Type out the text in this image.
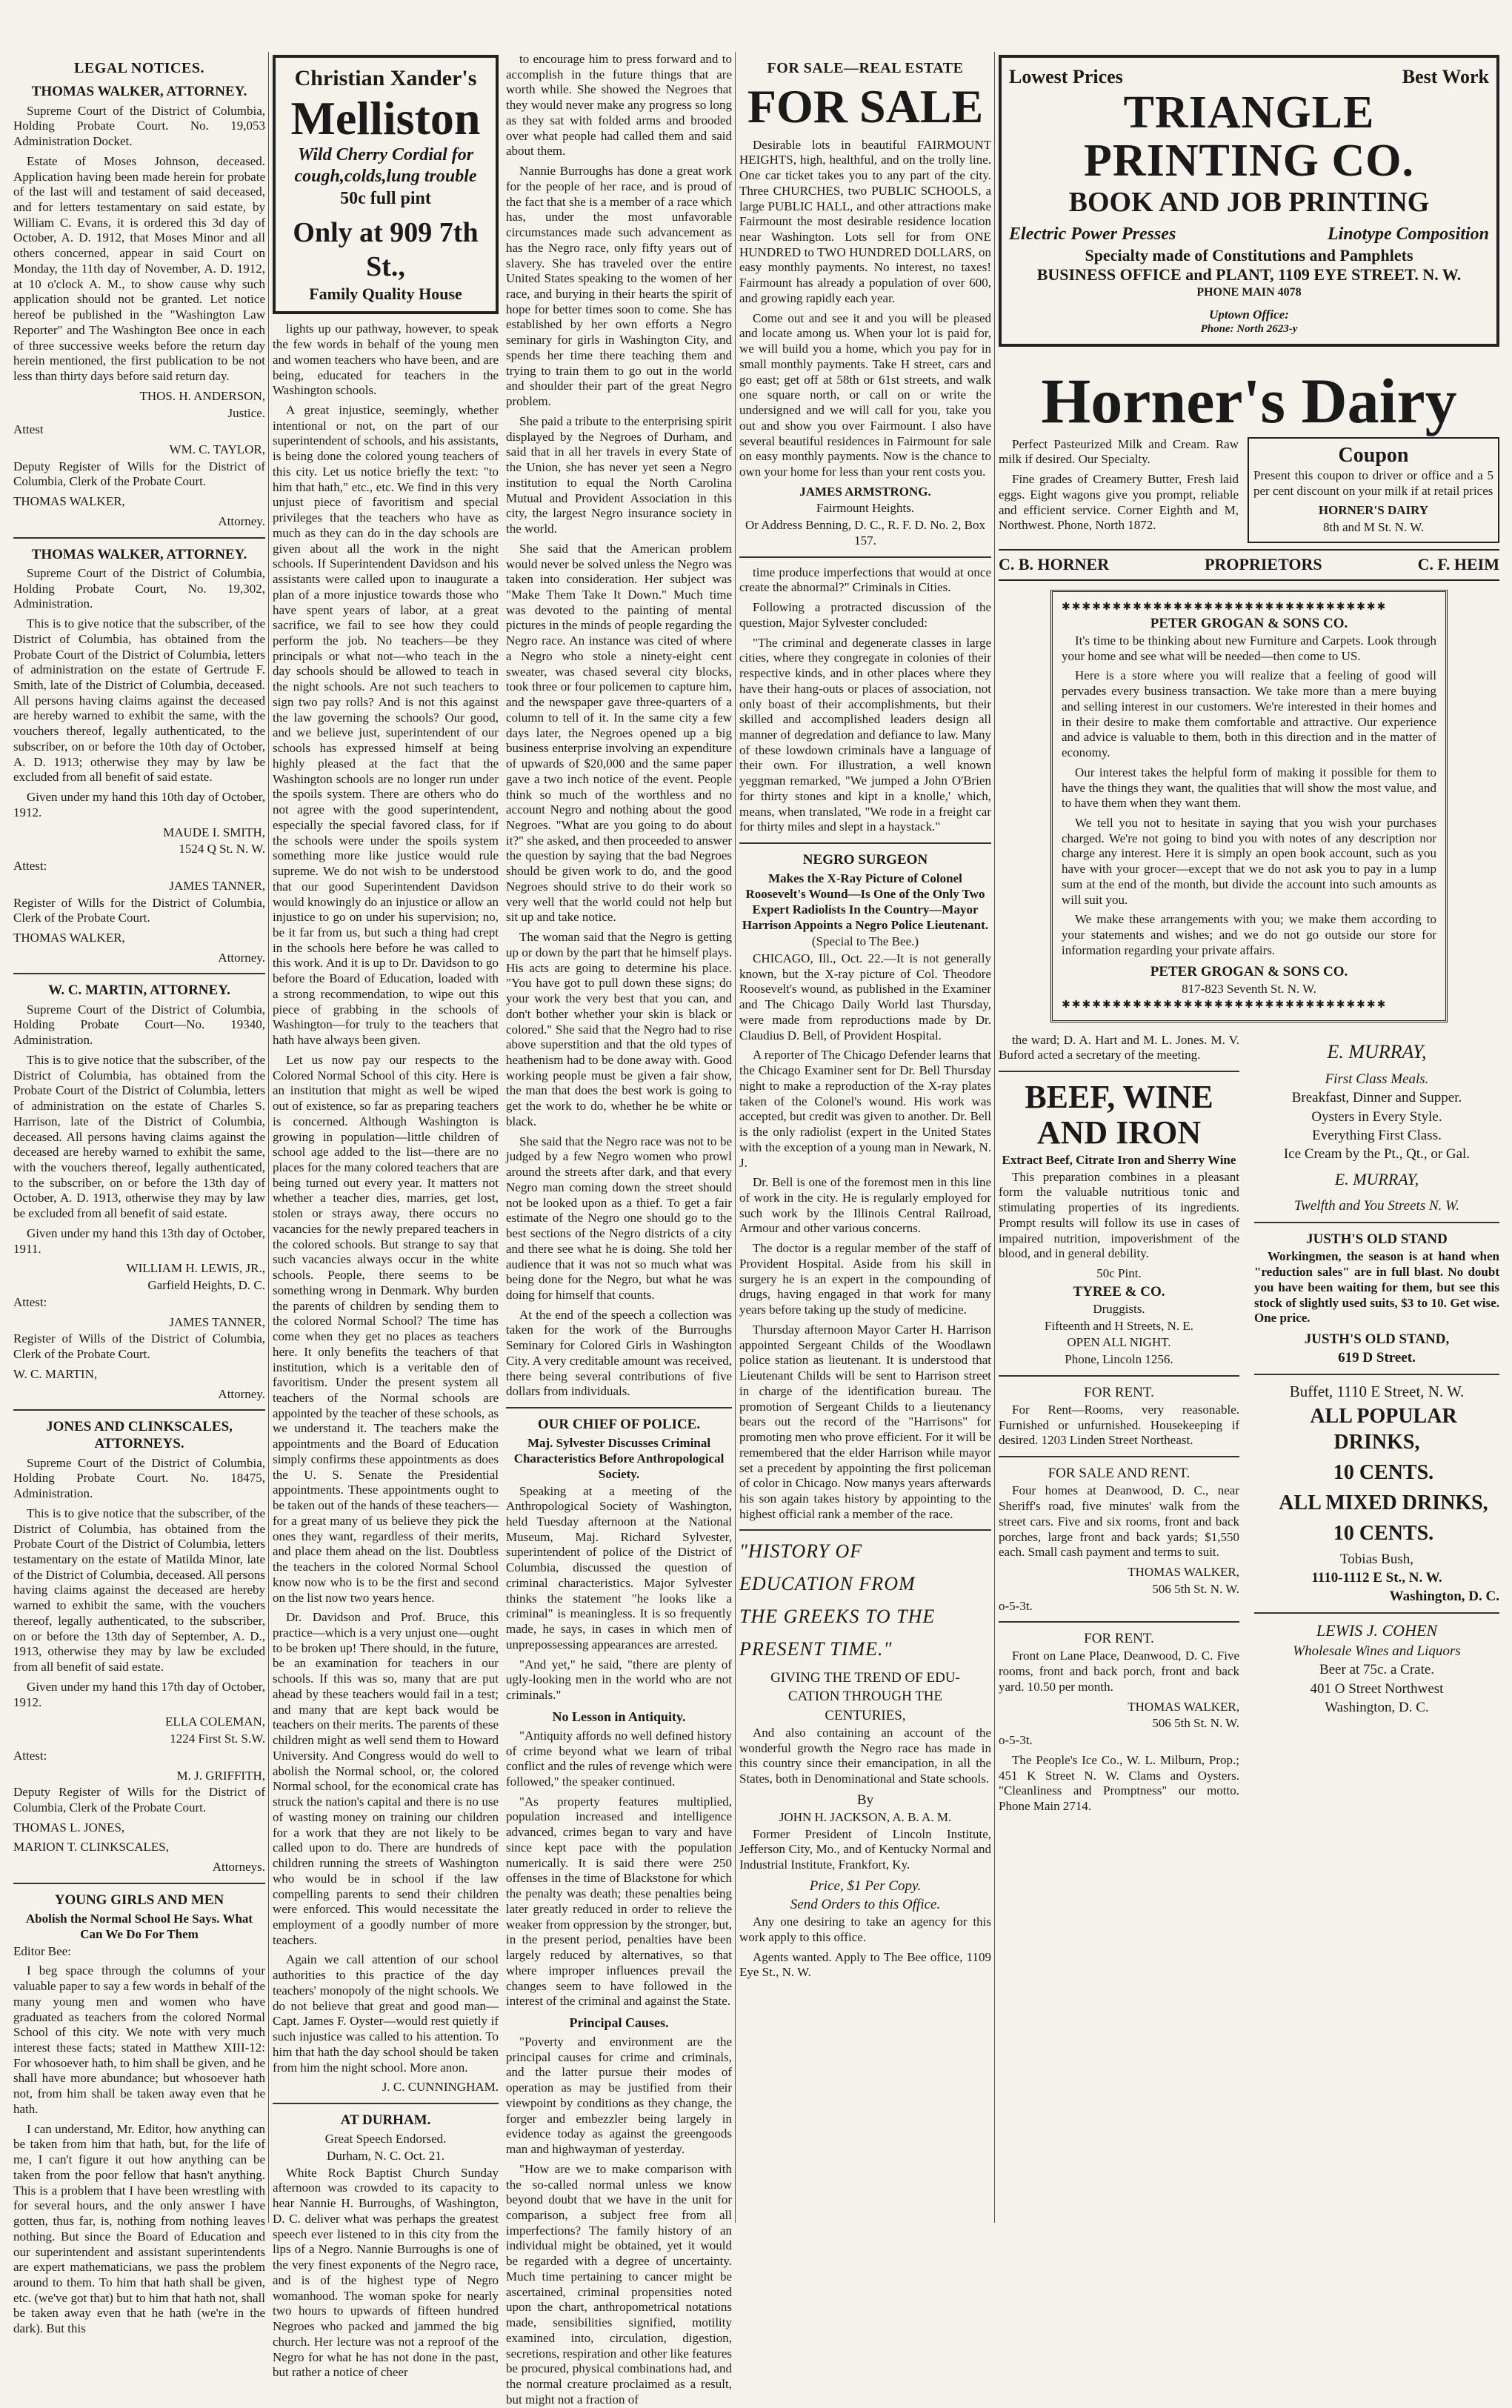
LEGAL NOTICES.
THOMAS WALKER, ATTORNEY.

Supreme Court of the District of Columbia, Holding Probate Court. No. 19,053 Administration Docket.

Estate of Moses Johnson, deceased. Application having been made herein for probate of the last will and testament of said deceased, and for letters testamentary on said estate, by William C. Evans, it is ordered this 3d day of October, A. D. 1912, that Moses Minor and all others concerned, appear in said Court on Monday, the 11th day of November, A. D. 1912, at 10 o'clock A. M., to show cause why such application should not be granted. Let notice hereof be published in the "Washington Law Reporter" and The Washington Bee once in each of three successive weeks before the return day herein mentioned, the first publication to be not less than thirty days before said return day.

THOS. H. ANDERSON,

Justice.

Attest

WM. C. TAYLOR,

Deputy Register of Wills for the District of Columbia, Clerk of the Probate Court.

THOMAS WALKER,

Attorney.

THOMAS WALKER, ATTORNEY.

Supreme Court of the District of Columbia, Holding Probate Court, No. 19,302, Administration.

This is to give notice that the subscriber, of the District of Columbia, has obtained from the Probate Court of the District of Columbia, letters of administration on the estate of Gertrude F. Smith, late of the District of Columbia, deceased. All persons having claims against the deceased are hereby warned to exhibit the same, with the vouchers thereof, legally authenticated, to the subscriber, on or before the 10th day of October, A. D. 1913; otherwise they may by law be excluded from all benefit of said estate.

Given under my hand this 10th day of October, 1912.

MAUDE I. SMITH,

1524 Q St. N. W.

Attest:

JAMES TANNER,

Register of Wills for the District of Columbia, Clerk of the Probate Court.

THOMAS WALKER,

Attorney.

W. C. MARTIN, ATTORNEY.

Supreme Court of the District of Columbia, Holding Probate Court—No. 19340, Administration.

This is to give notice that the subscriber, of the District of Columbia, has obtained from the Probate Court of the District of Columbia, letters of administration on the estate of Charles S. Harrison, late of the District of Columbia, deceased. All persons having claims against the deceased are hereby warned to exhibit the same, with the vouchers thereof, legally authenticated, to the subscriber, on or before the 13th day of October, A. D. 1913, otherwise they may by law be excluded from all benefit of said estate.

Given under my hand this 13th day of October, 1911.

WILLIAM H. LEWIS, JR.,

Garfield Heights, D. C.

Attest:

JAMES TANNER,

Register of Wills of the District of Columbia, Clerk of the Probate Court.

W. C. MARTIN,

Attorney.

JONES AND CLINKSCALES, ATTORNEYS.

Supreme Court of the District of Columbia, Holding Probate Court. No. 18475, Administration.

This is to give notice that the subscriber, of the District of Columbia, has obtained from the Probate Court of the District of Columbia, letters testamentary on the estate of Matilda Minor, late of the District of Columbia, deceased. All persons having claims against the deceased are hereby warned to exhibit the same, with the vouchers thereof, legally authenticated, to the subscriber, on or before the 13th day of September, A. D., 1913, otherwise they may by law be excluded from all benefit of said estate.

Given under my hand this 17th day of October, 1912.

ELLA COLEMAN,

1224 First St. S.W.

Attest:

M. J. GRIFFITH,

Deputy Register of Wills for the District of Columbia, Clerk of the Probate Court.

THOMAS L. JONES,

MARION T. CLINKSCALES,

Attorneys.

YOUNG GIRLS AND MEN

Abolish the Normal School He Says. What Can We Do For Them

Editor Bee:

I beg space through the columns of your valuable paper to say a few words in behalf of the many young men and women who have graduated as teachers from the colored Normal School of this city. We note with very much interest these facts; stated in Matthew XIII-12: For whosoever hath, to him shall be given, and he shall have more abundance; but whosoever hath not, from him shall be taken away even that he hath.

I can understand, Mr. Editor, how anything can be taken from him that hath, but, for the life of me, I can't figure it out how anything can be taken from the poor fellow that hasn't anything. This is a problem that I have been wrestling with for several hours, and the only answer I have gotten, thus far, is, nothing from nothing leaves nothing. But since the Board of Education and our superintendent and assistant superintendents are expert mathematicians, we pass the problem around to them. To him that hath shall be given, etc. (we've got that) but to him that hath not, shall be taken away even that he hath (we're in the dark). But this

Christian Xander's
Melliston
Wild Cherry Cordial for cough,colds,lung trouble
50c full pint
Only at 909 7th St.,
Family Quality House

lights up our pathway, however, to speak the few words in behalf of the young men and women teachers who have been, and are being, educated for teachers in the Washington schools.

A great injustice, seemingly, whether intentional or not, on the part of our superintendent of schools, and his assistants, is being done the colored young teachers of this city. Let us notice briefly the text: "to him that hath," etc., etc. We find in this very unjust piece of favoritism and special privileges that the teachers who have as much as they can do in the day schools are given about all the work in the night schools. If Superintendent Davidson and his assistants were called upon to inaugurate a plan of a more injustice towards those who have spent years of labor, at a great sacrifice, we fail to see how they could perform the job. No teachers—be they principals or what not—who teach in the day schools should be allowed to teach in the night schools. Are not such teachers to sign two pay rolls? And is not this against the law governing the schools? Our good, and we believe just, superintendent of our schools has expressed himself at being highly pleased at the fact that the Washington schools are no longer run under the spoils system. There are others who do not agree with the good superintendent, especially the special favored class, for if the schools were under the spoils system something more like justice would rule supreme. We do not wish to be understood that our good Superintendent Davidson would knowingly do an injustice or allow an injustice to go on under his supervision; no, be it far from us, but such a thing had crept in the schools here before he was called to this work. And it is up to Dr. Davidson to go before the Board of Education, loaded with a strong recommendation, to wipe out this piece of grabbing in the schools of Washington—for truly to the teachers that hath have always been given.

Let us now pay our respects to the Colored Normal School of this city. Here is an institution that might as well be wiped out of existence, so far as preparing teachers is concerned. Although Washington is growing in population—little children of school age added to the list—there are no places for the many colored teachers that are being turned out every year. It matters not whether a teacher dies, marries, get lost, stolen or strays away, there occurs no vacancies for the newly prepared teachers in the colored schools. But strange to say that such vacancies always occur in the white schools. People, there seems to be something wrong in Denmark. Why burden the parents of children by sending them to the colored Normal School? The time has come when they get no places as teachers here. It only benefits the teachers of that institution, which is a veritable den of favoritism. Under the present system all teachers of the Normal schools are appointed by the teacher of these schools, as we understand it. The teachers make the appointments and the Board of Education simply confirms these appointments as does the U. S. Senate the Presidential appointments. These appointments ought to be taken out of the hands of these teachers—for a great many of us believe they pick the ones they want, regardless of their merits, and place them ahead on the list. Doubtless the teachers in the colored Normal School know now who is to be the first and second on the list now two years hence.

Dr. Davidson and Prof. Bruce, this practice—which is a very unjust one—ought to be broken up! There should, in the future, be an examination for teachers in our schools. If this was so, many that are put ahead by these teachers would fail in a test; and many that are kept back would be teachers on their merits. The parents of these children might as well send them to Howard University. And Congress would do well to abolish the Normal school, or, the colored Normal school, for the economical crate has struck the nation's capital and there is no use of wasting money on training our children for a work that they are not likely to be called upon to do. There are hundreds of children running the streets of Washington who would be in school if the law compelling parents to send their children were enforced. This would necessitate the employment of a goodly number of more teachers.

Again we call attention of our school authorities to this practice of the day teachers' monopoly of the night schools. We do not believe that great and good man—Capt. James F. Oyster—would rest quietly if such injustice was called to his attention. To him that hath the day school should be taken from him the night school. More anon.

J. C. CUNNINGHAM.

AT DURHAM.

Great Speech Endorsed.

Durham, N. C. Oct. 21.

White Rock Baptist Church Sunday afternoon was crowded to its capacity to hear Nannie H. Burroughs, of Washington, D. C. deliver what was perhaps the greatest speech ever listened to in this city from the lips of a Negro. Nannie Burroughs is one of the very finest exponents of the Negro race, and is of the highest type of Negro womanhood. The woman spoke for nearly two hours to upwards of fifteen hundred Negroes who packed and jammed the big church. Her lecture was not a reproof of the Negro for what he has not done in the past, but rather a notice of cheer

to encourage him to press forward and to accomplish in the future things that are worth while. She showed the Negroes that they would never make any progress so long as they sat with folded arms and brooded over what people had called them and said about them.

Nannie Burroughs has done a great work for the people of her race, and is proud of the fact that she is a member of a race which has, under the most unfavorable circumstances made such advancement as has the Negro race, only fifty years out of slavery. She has traveled over the entire United States speaking to the women of her race, and burying in their hearts the spirit of hope for better times soon to come. She has established by her own efforts a Negro seminary for girls in Washington City, and spends her time there teaching them and trying to train them to go out in the world and shoulder their part of the great Negro problem.

She paid a tribute to the enterprising spirit displayed by the Negroes of Durham, and said that in all her travels in every State of the Union, she has never yet seen a Negro institution to equal the North Carolina Mutual and Provident Association in this city, the largest Negro insurance society in the world.

She said that the American problem would never be solved unless the Negro was taken into consideration. Her subject was "Make Them Take It Down." Much time was devoted to the painting of mental pictures in the minds of people regarding the Negro race. An instance was cited of where a Negro who stole a ninety-eight cent sweater, was chased several city blocks, took three or four policemen to capture him, and the newspaper gave three-quarters of a column to tell of it. In the same city a few days later, the Negroes opened up a big business enterprise involving an expenditure of upwards of $20,000 and the same paper gave a two inch notice of the event. People think so much of the worthless and no account Negro and nothing about the good Negroes. "What are you going to do about it?" she asked, and then proceeded to answer the question by saying that the bad Negroes should be given work to do, and the good Negroes should strive to do their work so very well that the world could not help but sit up and take notice.

The woman said that the Negro is getting up or down by the part that he himself plays. His acts are going to determine his place. "You have got to pull down these signs; do your work the very best that you can, and don't bother whether your skin is black or colored." She said that the Negro had to rise above superstition and that the old types of heathenism had to be done away with. Good working people must be given a fair show, the man that does the best work is going to get the work to do, whether he be white or black.

She said that the Negro race was not to be judged by a few Negro women who prowl around the streets after dark, and that every Negro man coming down the street should not be looked upon as a thief. To get a fair estimate of the Negro one should go to the best sections of the Negro districts of a city and there see what he is doing. She told her audience that it was not so much what was being done for the Negro, but what he was doing for himself that counts.

At the end of the speech a collection was taken for the work of the Burroughs Seminary for Colored Girls in Washington City. A very creditable amount was received, there being several contributions of five dollars from individuals.

OUR CHIEF OF POLICE.

Maj. Sylvester Discusses Criminal Characteristics Before Anthropological Society.

Speaking at a meeting of the Anthropological Society of Washington, held Tuesday afternoon at the National Museum, Maj. Richard Sylvester, superintendent of police of the District of Columbia, discussed the question of criminal characteristics. Major Sylvester thinks the statement "he looks like a criminal" is meaningless. It is so frequently made, he says, in cases in which men of unprepossessing appearances are arrested.

"And yet," he said, "there are plenty of ugly-looking men in the world who are not criminals."

No Lesson in Antiquity.

"Antiquity affords no well defined history of crime beyond what we learn of tribal conflict and the rules of revenge which were followed," the speaker continued.

"As property features multiplied, population increased and intelligence advanced, crimes began to vary and have since kept pace with the population numerically. It is said there were 250 offenses in the time of Blackstone for which the penalty was death; these penalties being later greatly reduced in order to relieve the weaker from oppression by the stronger, but, in the present period, penalties have been largely reduced by alternatives, so that where improper influences prevail the changes seem to have followed in the interest of the criminal and against the State.

Principal Causes.

"Poverty and environment are the principal causes for crime and criminals, and the latter pursue their modes of operation as may be justified from their viewpoint by conditions as they change, the forger and embezzler being largely in evidence today as against the greengoods man and highwayman of yesterday.

"How are we to make comparison with the so-called normal unless we know beyond doubt that we have in the unit for comparison, a subject free from all imperfections? The family history of an individual might be obtained, yet it would be regarded with a degree of uncertainty. Much time pertaining to cancer might be ascertained, criminal propensities noted upon the chart, anthropometrical notations made, sensibilities signified, motility examined into, circulation, digestion, secretions, respiration and other like features be procured, physical combinations had, and the normal creature proclaimed as a result, but might not a fraction of

FOR SALE—REAL ESTATE
FOR SALE

Desirable lots in beautiful FAIRMOUNT HEIGHTS, high, healthful, and on the trolly line. One car ticket takes you to any part of the city. Three CHURCHES, two PUBLIC SCHOOLS, a large PUBLIC HALL, and other attractions make Fairmount the most desirable residence location near Washington. Lots sell for from ONE HUNDRED to TWO HUNDRED DOLLARS, on easy monthly payments. No interest, no taxes! Fairmount has already a population of over 600, and growing rapidly each year.

Come out and see it and you will be pleased and locate among us. When your lot is paid for, we will build you a home, which you pay for in small monthly payments. Take H street, cars and go east; get off at 58th or 61st streets, and walk one square north, or call on or write the undersigned and we will call for you, take you out and show you over Fairmount. I also have several beautiful residences in Fairmount for sale on easy monthly payments. Now is the chance to own your home for less than your rent costs you.

JAMES ARMSTRONG.

Fairmount Heights.

Or Address Benning, D. C., R. F. D. No. 2, Box 157.

time produce imperfections that would at once create the abnormal?" Criminals in Cities.

Following a protracted discussion of the question, Major Sylvester concluded:

"The criminal and degenerate classes in large cities, where they congregate in colonies of their respective kinds, and in other places where they have their hang-outs or places of association, not only boast of their accomplishments, but their skilled and accomplished leaders design all manner of degredation and defiance to law. Many of these lowdown criminals have a language of their own. For illustration, a well known yeggman remarked, "We jumped a John O'Brien for thirty stones and kipt in a knolle,' which, means, when translated, "We rode in a freight car for thirty miles and slept in a haystack."

NEGRO SURGEON

Makes the X-Ray Picture of Colonel Roosevelt's Wound—Is One of the Only Two Expert Radiolists In the Country—Mayor Harrison Appoints a Negro Police Lieutenant.

(Special to The Bee.)

CHICAGO, Ill., Oct. 22.—It is not generally known, but the X-ray picture of Col. Theodore Roosevelt's wound, as published in the Examiner and The Chicago Daily World last Thursday, were made from reproductions made by Dr. Claudius D. Bell, of Provident Hospital.

A reporter of The Chicago Defender learns that the Chicago Examiner sent for Dr. Bell Thursday night to make a reproduction of the X-ray plates taken of the Colonel's wound. His work was accepted, but credit was given to another. Dr. Bell is the only radiolist (expert in the United States with the exception of a young man in Newark, N. J.

Dr. Bell is one of the foremost men in this line of work in the city. He is regularly employed for such work by the Illinois Central Railroad, Armour and other various concerns.

The doctor is a regular member of the staff of Provident Hospital. Aside from his skill in surgery he is an expert in the compounding of drugs, having engaged in that work for many years before taking up the study of medicine.

Thursday afternoon Mayor Carter H. Harrison appointed Sergeant Childs of the Woodlawn police station as lieutenant. It is understood that Lieutenant Childs will be sent to Harrison street in charge of the identification bureau. The promotion of Sergeant Childs to a lieutenancy bears out the record of the "Harrisons" for promoting men who prove efficient. For it will be remembered that the elder Harrison while mayor set a precedent by appointing the first policeman of color in Chicago. Now manys years afterwards his son again takes history by appointing to the highest official rank a member of the race.

"HISTORY OF
EDUCATION FROM
THE GREEKS TO THE
PRESENT TIME."

GIVING THE TREND OF EDU-

CATION THROUGH THE

CENTURIES,

And also containing an account of the wonderful growth the Negro race has made in this country since their emancipation, in all the States, both in Denominational and State schools.

By

JOHN H. JACKSON, A. B. A. M.

Former President of Lincoln Institute, Jefferson City, Mo., and of Kentucky Normal and Industrial Institute, Frankfort, Ky.

Price, $1 Per Copy.

Send Orders to this Office.

Any one desiring to take an agency for this work apply to this office.

Agents wanted. Apply to The Bee office, 1109 Eye St., N. W.

Lowest Prices	Best Work
TRIANGLE PRINTING CO.
BOOK AND JOB PRINTING
Electric Power Presses	Linotype Composition
Specialty made of Constitutions and Pamphlets
BUSINESS OFFICE and PLANT, 1109 EYE STREET. N. W.
PHONE MAIN 4078
Uptown Office:
Phone: North 2623-y
Horner's Dairy

Perfect Pasteurized Milk and Cream. Raw milk if desired. Our Specialty.

Fine grades of Creamery Butter, Fresh laid eggs. Eight wagons give you prompt, reliable and efficient service. Corner Eighth and M, Northwest. Phone, North 1872.

Coupon

Present this coupon to driver or office and a 5 per cent discount on your milk if at retail prices

HORNER'S DAIRY

8th and M St. N. W.

C. B. HORNER	PROPRIETORS	C. F. HEIM
✱✱✱✱✱✱✱✱✱✱✱✱✱✱✱✱✱✱✱✱✱✱✱✱✱✱✱✱✱✱✱✱

PETER GROGAN & SONS CO.

It's time to be thinking about new Furniture and Carpets. Look through your home and see what will be needed—then come to US.

Here is a store where you will realize that a feeling of good will pervades every business transaction. We take more than a mere buying and selling interest in our customers. We're interested in their homes and in their desire to make them comfortable and attractive. Our experience and advice is valuable to them, both in this direction and in the matter of economy.

Our interest takes the helpful form of making it possible for them to have the things they want, the qualities that will show the most value, and to have them when they want them.

We tell you not to hesitate in saying that you wish your purchases charged. We're not going to bind you with notes of any description nor charge any interest. Here it is simply an open book account, such as you have with your grocer—except that we do not ask you to pay in a lump sum at the end of the month, but divide the account into such amounts as will suit you.

We make these arrangements with you; we make them according to your statements and wishes; and we do not go outside our store for information regarding your private affairs.

PETER GROGAN & SONS CO.

817-823 Seventh St. N. W.

✱✱✱✱✱✱✱✱✱✱✱✱✱✱✱✱✱✱✱✱✱✱✱✱✱✱✱✱✱✱✱✱

the ward; D. A. Hart and M. L. Jones. M. V. Buford acted a secretary of the meeting.

BEEF, WINE AND IRON

Extract Beef, Citrate Iron and Sherry Wine

This preparation combines in a pleasant form the valuable nutritious tonic and stimulating properties of its ingredients. Prompt results will follow its use in cases of impaired nutrition, impoverishment of the blood, and in general debility.

50c Pint.

TYREE & CO.

Druggists.

Fifteenth and H Streets, N. E.

OPEN ALL NIGHT.

Phone, Lincoln 1256.

FOR RENT.

For Rent—Rooms, very reasonable. Furnished or unfurnished. Housekeeping if desired. 1203 Linden Street Northeast.

FOR SALE AND RENT.

Four homes at Deanwood, D. C., near Sheriff's road, five minutes' walk from the street cars. Five and six rooms, front and back porches, large front and back yards; $1,550 each. Small cash payment and terms to suit.

THOMAS WALKER,

506 5th St. N. W.

o-5-3t.

FOR RENT.

Front on Lane Place, Deanwood, D. C. Five rooms, front and back porch, front and back yard. 10.50 per month.

THOMAS WALKER,

506 5th St. N. W.

o-5-3t.

The People's Ice Co., W. L. Milburn, Prop.; 451 K Street N. W. Clams and Oysters. "Cleanliness and Promptness" our motto. Phone Main 2714.

E. MURRAY,

First Class Meals.

Breakfast, Dinner and Supper.

Oysters in Every Style.

Everything First Class.

Ice Cream by the Pt., Qt., or Gal.

E. MURRAY,

Twelfth and You Streets N. W.

JUSTH'S OLD STAND

Workingmen, the season is at hand when "reduction sales" are in full blast. No doubt you have been waiting for them, but see this stock of slightly used suits, $3 to 10. Get wise. One price.

JUSTH'S OLD STAND,

619 D Street.

Buffet, 1110 E Street, N. W.

ALL POPULAR DRINKS,

10 CENTS.

ALL MIXED DRINKS,

10 CENTS.

Tobias Bush,

1110-1112 E St., N. W.

Washington, D. C.

LEWIS J. COHEN

Wholesale Wines and Liquors

Beer at 75c. a Crate.

401 O Street Northwest

Washington, D. C.
